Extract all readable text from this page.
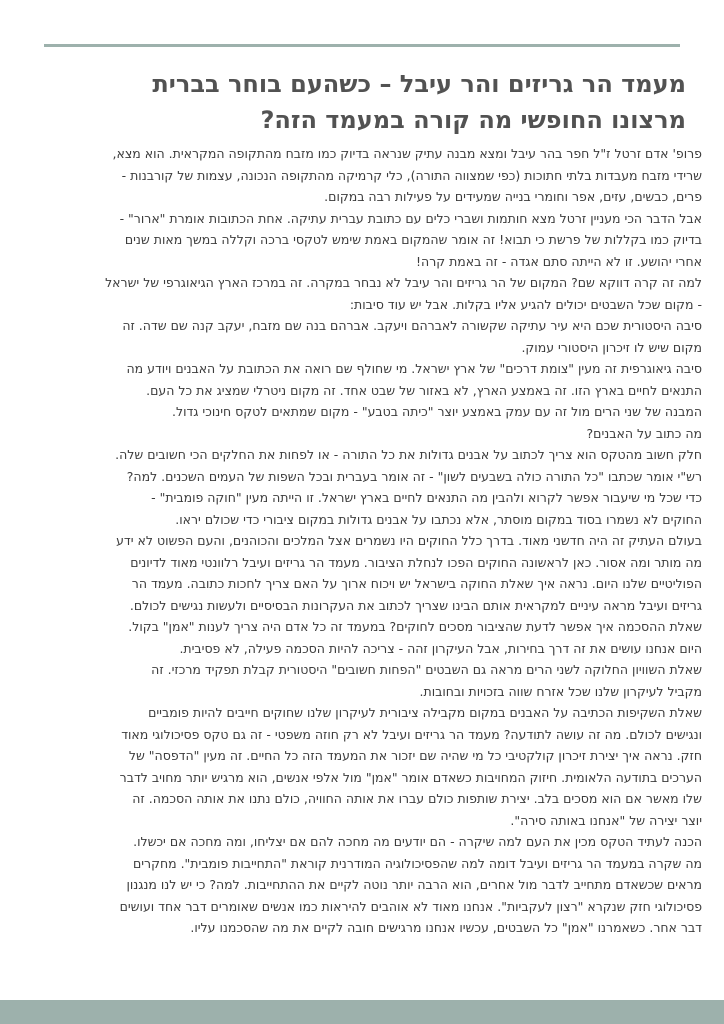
מעמד הר גריזים והר עיבל – כשהעם בוחר בברית
מרצונו החופשי מה קורה במעמד הזה?

פרופ' אדם זרטל ז"ל חפר בהר עיבל ומצא מבנה עתיק שנראה בדיוק כמו מזבח מהתקופה המקראית. הוא מצא,

שרידי מזבח מעבדות בלתי חתוכות (כפי שמצווה התורה), כלי קרמיקה מהתקופה הנכונה, עצמות של קורבנות -

פרים, כבשים, עזים, אפר וחומרי בנייה שמעידים על פעילות רבה במקום.

אבל הדבר הכי מעניין זרטל מצא חותמות ושברי כלים עם כתובת עברית עתיקה. אחת הכתובות אומרת "ארור" -

בדיוק כמו בקללות של פרשת כי תבוא! זה אומר שהמקום באמת שימש לטקסי ברכה וקללה במשך מאות שנים

אחרי יהושע. זו לא הייתה סתם אגדה - זה באמת קרה!

למה זה קרה דווקא שם? המקום של הר גריזים והר עיבל לא נבחר במקרה. זה במרכז הארץ הגיאוגרפי של ישראל

- מקום שכל השבטים יכולים להגיע אליו בקלות. אבל יש עוד סיבות:

סיבה היסטורית שכם היא עיר עתיקה שקשורה לאברהם ויעקב. אברהם בנה שם מזבח, יעקב קנה שם שדה. זה

מקום שיש לו זיכרון היסטורי עמוק.

סיבה גיאוגרפית זה מעין "צומת דרכים" של ארץ ישראל. מי שחולף שם רואה את הכתובת על האבנים ויודע מה

התנאים לחיים בארץ הזו. זה באמצע הארץ, לא באזור של שבט אחד. זה מקום ניטרלי שמציג את כל העם.

המבנה של שני הרים מול זה עם עמק באמצע יוצר "כיתה בטבע" - מקום שמתאים לטקס חינוכי גדול.

מה כתוב על האבנים?

חלק חשוב מהטקס הוא צריך לכתוב על אבנים גדולות את כל התורה - או לפחות את החלקים הכי חשובים שלה.

רש"י אומר שכתבו "כל התורה כולה בשבעים לשון" - זה אומר בעברית ובכל השפות של העמים השכנים. למה?

כדי שכל מי שיעבור אפשר לקרוא ולהבין מה התנאים לחיים בארץ ישראל. זו הייתה מעין "חוקה פומבית" -

החוקים לא נשמרו בסוד במקום מוסתר, אלא נכתבו על אבנים גדולות במקום ציבורי כדי שכולם יראו.

בעולם העתיק זה היה חדשני מאוד. בדרך כלל החוקים היו נשמרים אצל המלכים והכוהנים, והעם הפשוט לא ידע

מה מותר ומה אסור. כאן לראשונה החוקים הפכו לנחלת הציבור. מעמד הר גריזים ועיבל רלוונטי מאוד לדיונים

הפוליטיים שלנו היום. נראה איך שאלת החוקה בישראל יש ויכוח ארוך על האם צריך לחכות כתובה. מעמד הר

גריזים ועיבל מראה עיניים למקראית אותם הבינו שצריך לכתוב את העקרונות הבסיסיים ולעשות נגישים לכולם.

שאלת ההסכמה איך אפשר לדעת שהציבור מסכים לחוקים? במעמד זה כל אדם היה צריך לענות "אמן" בקול.

היום אנחנו עושים את זה דרך בחירות, אבל העיקרון זהה - צריכה להיות הסכמה פעילה, לא פסיבית.

שאלת השוויון החלוקה לשני הרים מראה גם השבטים "הפחות חשובים" היסטורית קבלת תפקיד מרכזי. זה

מקביל לעיקרון שלנו שכל אזרח שווה בזכויות ובחובות.

שאלת השקיפות הכתיבה על האבנים במקום מקבילה ציבורית לעיקרון שלנו שחוקים חייבים להיות פומביים

ונגישים לכולם. מה זה עושה לתודעה? מעמד הר גריזים ועיבל לא רק חוזה משפטי - זה גם טקס פסיכולוגי מאוד

חזק. נראה איך יצירת זיכרון קולקטיבי כל מי שהיה שם יזכור את המעמד הזה כל החיים. זה מעין "הדפסה" של

הערכים בתודעה הלאומית. חיזוק המחויבות כשאדם אומר "אמן" מול אלפי אנשים, הוא מרגיש יותר מחויב לדבר

שלו מאשר אם הוא מסכים בלב. יצירת שותפות כולם עברו את אותה החוויה, כולם נתנו את אותה הסכמה. זה

יוצר יצירה של "אנחנו באותה סירה".

הכנה לעתיד הטקס מכין את העם למה שיקרה - הם יודעים מה מחכה להם אם יצליחו, ומה מחכה אם יכשלו.

מה שקרה במעמד הר גריזים ועיבל דומה למה שהפסיכולוגיה המודרנית קוראת "התחייבות פומבית". מחקרים

מראים שכשאדם מתחייב לדבר מול אחרים, הוא הרבה יותר נוטה לקיים את ההתחייבות. למה? כי יש לנו מנגנון

פסיכולוגי חזק שנקרא "רצון לעקביות". אנחנו מאוד לא אוהבים להיראות כמו אנשים שאומרים דבר אחד ועושים

דבר אחר. כשאמרנו "אמן" כל השבטים, עכשיו אנחנו מרגישים חובה לקיים את מה שהסכמנו עליו.
